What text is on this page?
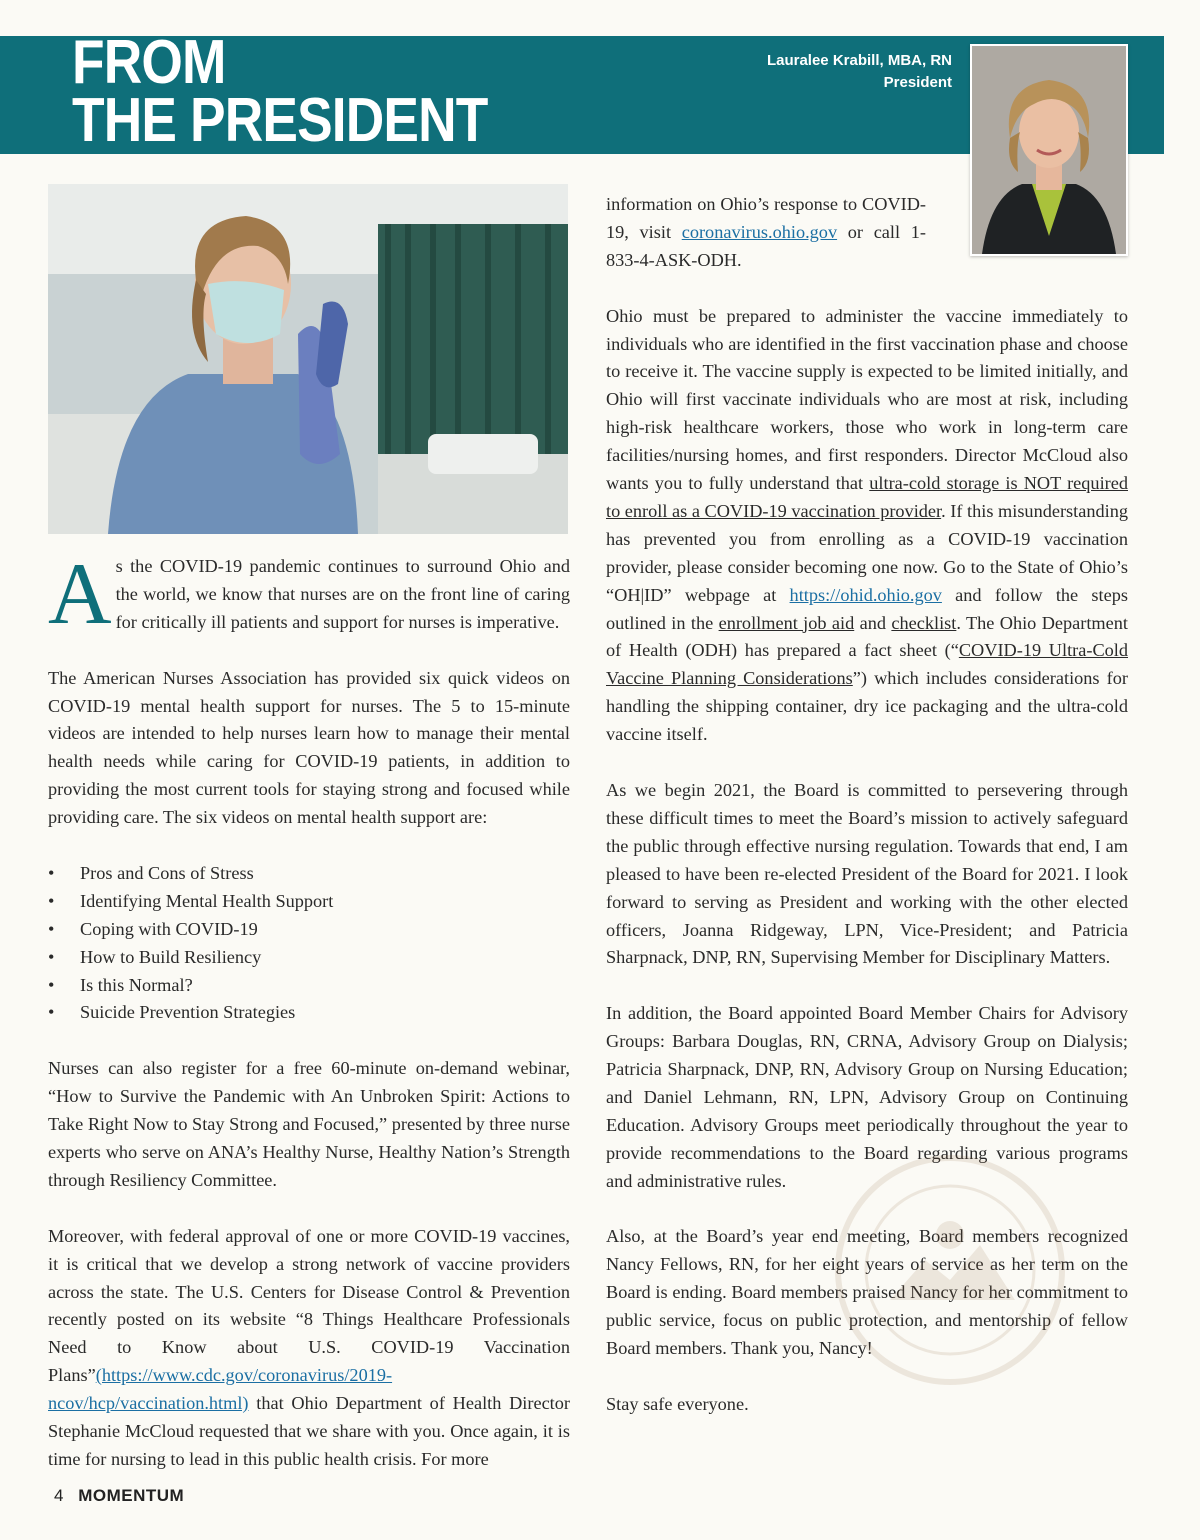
FROM
THE PRESIDENT
Lauralee Krabill, MBA, RN
President

As the COVID-19 pandemic continues to surround Ohio and the world, we know that nurses are on the front line of caring for critically ill patients and support for nurses is imperative.

The American Nurses Association has provided six quick videos on COVID-19 mental health support for nurses. The 5 to 15-minute videos are intended to help nurses learn how to manage their mental health needs while caring for COVID-19 patients, in addition to providing the most current tools for staying strong and focused while providing care. The six videos on mental health support are:

• Pros and Cons of Stress
• Identifying Mental Health Support
• Coping with COVID-19
• How to Build Resiliency
• Is this Normal?
• Suicide Prevention Strategies

Nurses can also register for a free 60-minute on-demand webinar, “How to Survive the Pandemic with An Unbroken Spirit: Actions to Take Right Now to Stay Strong and Focused,” presented by three nurse experts who serve on ANA’s Healthy Nurse, Healthy Nation’s Strength through Resiliency Committee.

Moreover, with federal approval of one or more COVID-19 vaccines, it is critical that we develop a strong network of vaccine providers across the state. The U.S. Centers for Disease Control & Prevention recently posted on its website “8 Things Healthcare Professionals Need to Know about U.S. COVID-19 Vaccination Plans”(https://www.cdc.gov/coronavirus/2019-ncov/hcp/vaccination.html) that Ohio Department of Health Director Stephanie McCloud requested that we share with you. Once again, it is time for nursing to lead in this public health crisis. For more

information on Ohio’s response to COVID-19, visit coronavirus.ohio.gov or call 1-833-4-ASK-ODH.

Ohio must be prepared to administer the vaccine immediately to individuals who are identified in the first vaccination phase and choose to receive it. The vaccine supply is expected to be limited initially, and Ohio will first vaccinate individuals who are most at risk, including high-risk healthcare workers, those who work in long-term care facilities/nursing homes, and first responders. Director McCloud also wants you to fully understand that ultra-cold storage is NOT required to enroll as a COVID-19 vaccination provider. If this misunderstanding has prevented you from enrolling as a COVID-19 vaccination provider, please consider becoming one now. Go to the State of Ohio’s “OH|ID” webpage at https://ohid.ohio.gov and follow the steps outlined in the enrollment job aid and checklist. The Ohio Department of Health (ODH) has prepared a fact sheet (“COVID-19 Ultra-Cold Vaccine Planning Considerations”) which includes considerations for handling the shipping container, dry ice packaging and the ultra-cold vaccine itself.

As we begin 2021, the Board is committed to persevering through these difficult times to meet the Board’s mission to actively safeguard the public through effective nursing regulation. Towards that end, I am pleased to have been re-elected President of the Board for 2021. I look forward to serving as President and working with the other elected officers, Joanna Ridgeway, LPN, Vice-President; and Patricia Sharpnack, DNP, RN, Supervising Member for Disciplinary Matters.

In addition, the Board appointed Board Member Chairs for Advisory Groups: Barbara Douglas, RN, CRNA, Advisory Group on Dialysis; Patricia Sharpnack, DNP, RN, Advisory Group on Nursing Education; and Daniel Lehmann, RN, LPN, Advisory Group on Continuing Education. Advisory Groups meet periodically throughout the year to provide recommendations to the Board regarding various programs and administrative rules.

Also, at the Board’s year end meeting, Board members recognized Nancy Fellows, RN, for her eight years of service as her term on the Board is ending. Board members praised Nancy for her commitment to public service, focus on public protection, and mentorship of fellow Board members. Thank you, Nancy!

Stay safe everyone.

4 MOMENTUM
